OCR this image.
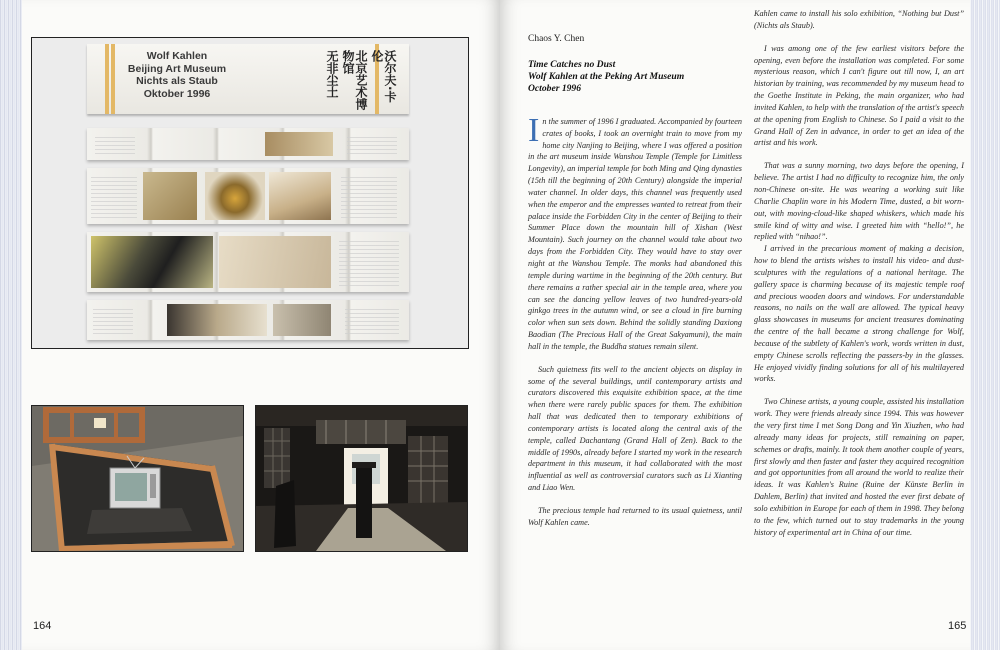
Wolf Kahlen
Beijing Art Museum
Nichts als Staub
Oktober 1996	沃尔夫·卡伦
北京艺术博物馆
无非尘土
164
Chaos Y. Chen
Time Catches no Dust
Wolf Kahlen at the Peking Art Museum
October 1996

In the summer of 1996 I graduated. Accompanied by fourteen crates of books, I took an overnight train to move from my home city Nanjing to Beijing, where I was offered a position in the art museum inside Wanshou Temple (Temple for Limitless Longevity), an imperial temple for both Ming and Qing dynasties (15th till the beginning of 20th Century) alongside the imperial water channel. In older days, this channel was frequently used when the emperor and the empresses wanted to retreat from their palace inside the Forbidden City in the center of Beijing to their Summer Place down the mountain hill of Xishan (West Mountain). Such journey on the channel would take about two days from the Forbidden City. They would have to stay over night at the Wanshou Temple. The monks had abandoned this temple during wartime in the beginning of the 20th century. But there remains a rather special air in the temple area, where you can see the dancing yellow leaves of two hundred-years-old ginkgo trees in the autumn wind, or see a cloud in fire burning color when sun sets down. Behind the solidly standing Daxiong Baodian (The Precious Hall of the Great Sakyamuni), the main hall in the temple, the Buddha statues remain silent.

Such quietness fits well to the ancient objects on display in some of the several buildings, until contemporary artists and curators discovered this exquisite exhibition space, at the time when there were rarely public spaces for them. The exhibition hall that was dedicated then to temporary exhibitions of contemporary artists is located along the central axis of the temple, called Dachantang (Grand Hall of Zen). Back to the middle of 1990s, already before I started my work in the research department in this museum, it had collaborated with the most influential as well as controversial curators such as Li Xianting and Liao Wen.

The precious temple had returned to its usual quietness, until Wolf Kahlen came.

Kahlen came to install his solo exhibition, “Nothing but Dust” (Nichts als Staub).

I was among one of the few earliest visitors before the opening, even before the installation was completed. For some mysterious reason, which I can't figure out till now, I, an art historian by training, was recommended by my museum head to the Goethe Institute in Peking, the main organizer, who had invited Kahlen, to help with the translation of the artist's speech at the opening from English to Chinese. So I paid a visit to the Grand Hall of Zen in advance, in order to get an idea of the artist and his work.

That was a sunny morning, two days before the opening, I believe. The artist I had no difficulty to recognize him, the only non-Chinese on-site. He was wearing a working suit like Charlie Chaplin wore in his Modern Time, dusted, a bit worn-out, with moving-cloud-like shaped whiskers, which made his smile kind of witty and wise. I greeted him with “hello!”, he replied with “nihao!”.

I arrived in the precarious moment of making a decision, how to blend the artists wishes to install his video- and dust-sculptures with the regulations of a national heritage. The gallery space is charming because of its majestic temple roof and precious wooden doors and windows. For understandable reasons, no nails on the wall are allowed. The typical heavy glass showcases in museums for ancient treasures dominating the centre of the hall became a strong challenge for Wolf, because of the subtlety of Kahlen's work, words written in dust, empty Chinese scrolls reflecting the passers-by in the glasses. He enjoyed vividly finding solutions for all of his multilayered works.

Two Chinese artists, a young couple, assisted his installation work. They were friends already since 1994. This was however the very first time I met Song Dong and Yin Xiuzhen, who had already many ideas for projects, still remaining on paper, schemes or drafts, mainly. It took them another couple of years, first slowly and then faster and faster they acquired recognition and got opportunities from all around the world to realize their ideas. It was Kahlen's Ruine (Ruine der Künste Berlin in Dahlem, Berlin) that invited and hosted the ever first debate of solo exhibition in Europe for each of them in 1998. They belong to the few, which turned out to stay trademarks in the young history of experimental art in China of our time.

165
